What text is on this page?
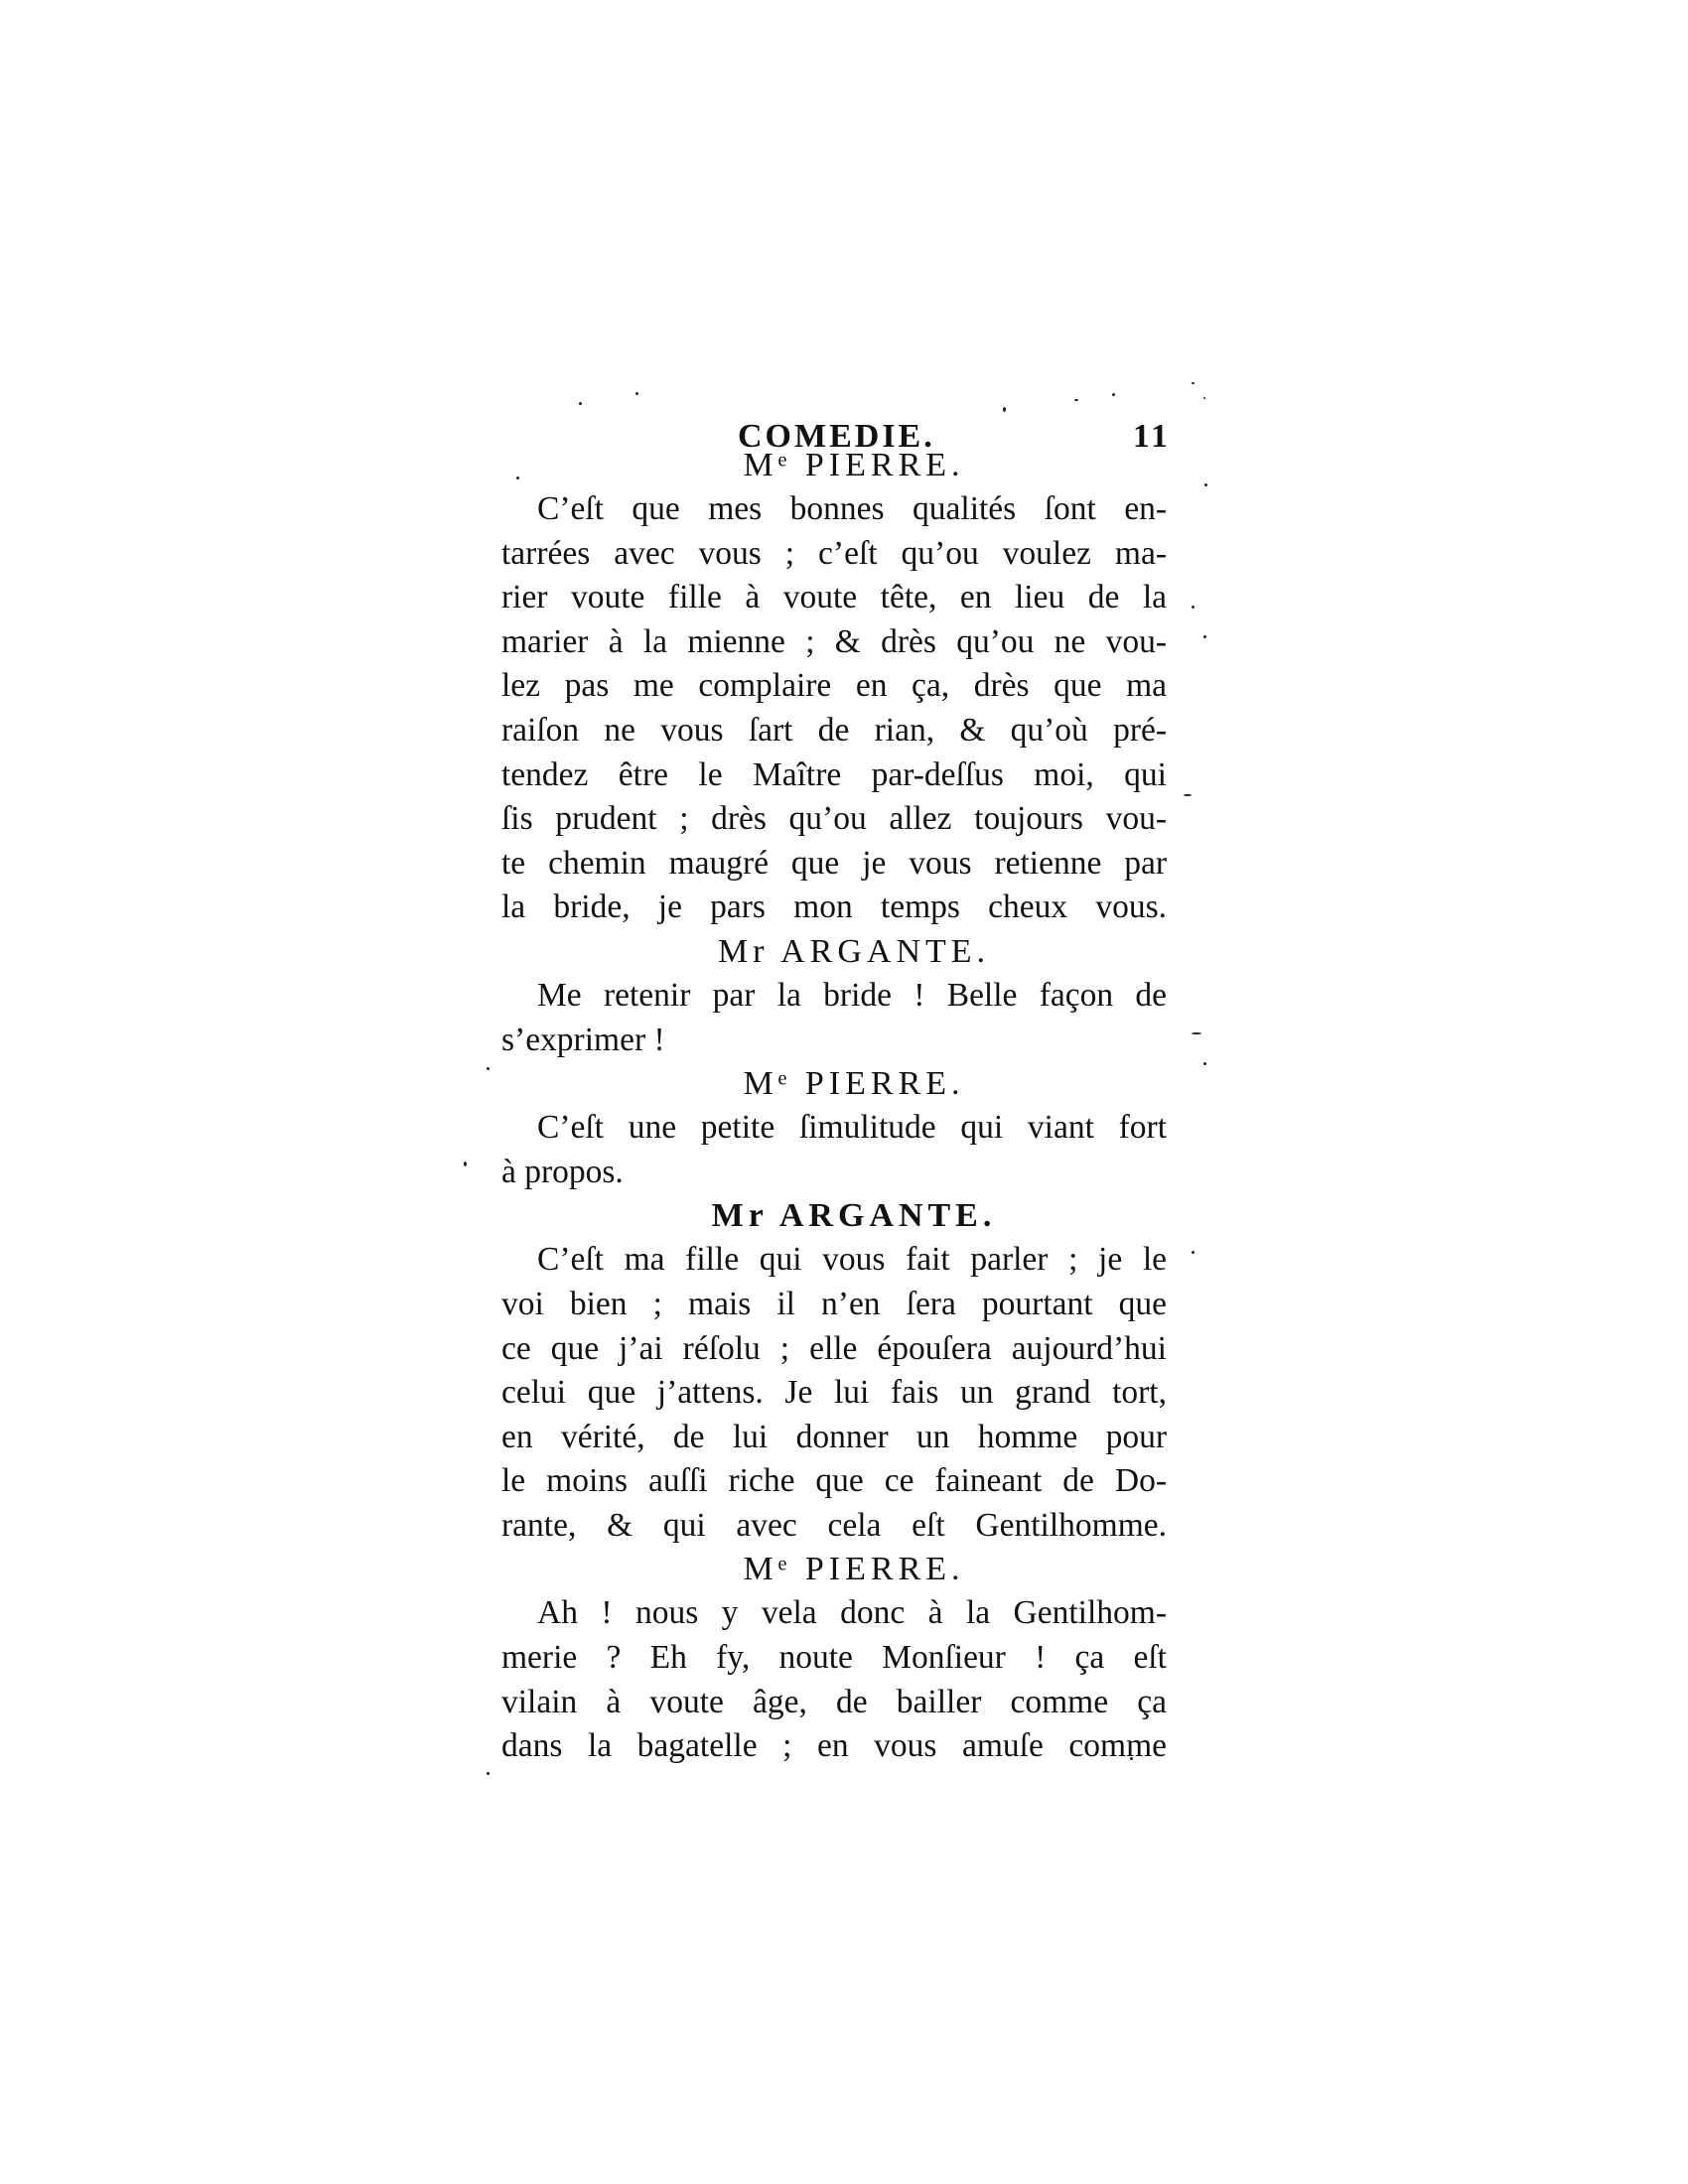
COMEDIE.	11
Mᵉ PIERRE.
C’eſt que mes bonnes qualités ſont en-
tarrées avec vous ; c’eſt qu’ou voulez ma-
rier voute fille à voute tête, en lieu de la
marier à la mienne ; & drès qu’ou ne vou-
lez pas me complaire en ça, drès que ma
raiſon ne vous ſart de rian, & qu’où pré-
tendez être le Maître par-deſſus moi, qui
ſis prudent ; drès qu’ou allez toujours vou-
te chemin maugré que je vous retienne par
la bride, je pars mon temps cheux vous.
Mr ARGANTE.
Me retenir par la bride ! Belle façon de
s’exprimer !
Mᵉ PIERRE.
C’eſt une petite ſimulitude qui viant fort
à propos.
Mr ARGANTE.
C’eſt ma fille qui vous fait parler ; je le
voi bien ; mais il n’en ſera pourtant que
ce que j’ai réſolu ; elle épouſera aujourd’hui
celui que j’attens. Je lui fais un grand tort,
en vérité, de lui donner un homme pour
le moins auſſi riche que ce faineant de Do-
rante, & qui avec cela eſt Gentilhomme.
Mᵉ PIERRE.
Ah ! nous y vela donc à la Gentilhom-
merie ? Eh fy, noute Monſieur ! ça eſt
vilain à voute âge, de bailler comme ça
dans la bagatelle ; en vous amuſe comme
